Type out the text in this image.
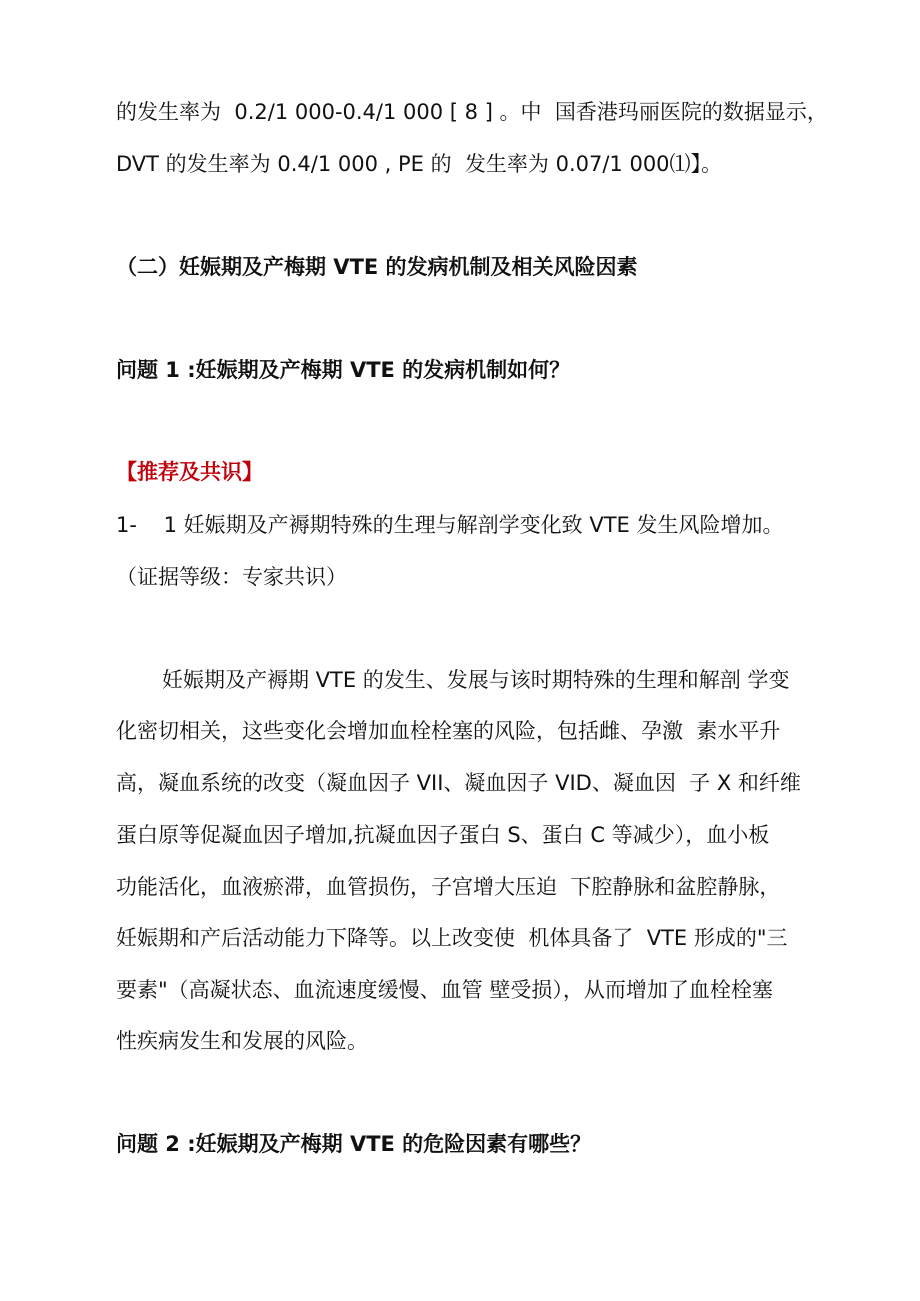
的发生率为  0.2/1 000-0.4/1 000 [ 8 ] 。中  国香港玛丽医院的数据显示，

DVT 的发生率为 0.4/1 000 , PE 的  发生率为 0.07/1 000⑴】。

（二）妊娠期及产梅期 VTE 的发病机制及相关风险因素

问题 1 :妊娠期及产梅期 VTE 的发病机制如何？

【推荐及共识】

1-    1 妊娠期及产褥期特殊的生理与解剖学变化致 VTE 发生风险增加。

（证据等级：专家共识）

妊娠期及产褥期 VTE 的发生、发展与该时期特殊的生理和解剖 学变

化密切相关，这些变化会增加血栓栓塞的风险，包括雌、孕激  素水平升

高，凝血系统的改变（凝血因子 VII、凝血因子 VID、凝血因  子 X 和纤维

蛋白原等促凝血因子增加,抗凝血因子蛋白 S、蛋白 C 等减少），血小板

功能活化，血液瘀滞，血管损伤，子宫增大压迫  下腔静脉和盆腔静脉，

妊娠期和产后活动能力下降等。以上改变使  机体具备了  VTE 形成的"三

要素"（高凝状态、血流速度缓慢、血管 壁受损），从而增加了血栓栓塞

性疾病发生和发展的风险。

问题 2 :妊娠期及产梅期 VTE 的危险因素有哪些？
